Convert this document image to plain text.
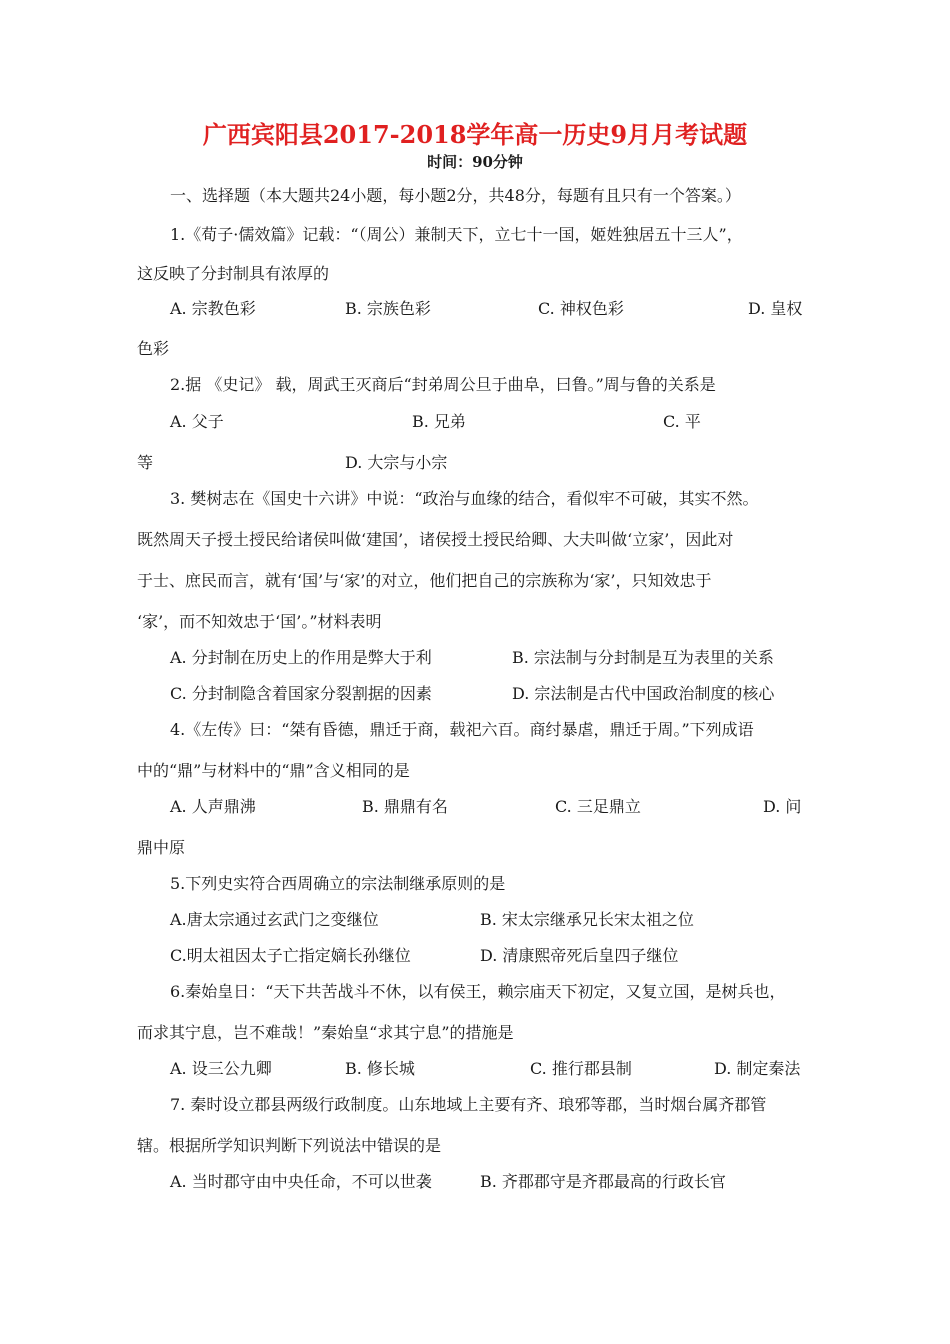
广西宾阳县2017-2018学年高一历史9月月考试题
时间：90分钟
一、选择题（本大题共24小题，每小题2分，共48分，每题有且只有一个答案。）
1.《荀子·儒效篇》记载：“（周公）兼制天下，立七十一国，姬姓独居五十三人”，
这反映了分封制具有浓厚的
A. 宗教色彩	B. 宗族色彩	C. 神权色彩	D. 皇权
色彩
2.据 《史记》 载，周武王灭商后“封弟周公旦于曲阜，曰鲁。”周与鲁的关系是
A. 父子	B. 兄弟	C. 平
等	D. 大宗与小宗
3. 樊树志在《国史十六讲》中说：“政治与血缘的结合，看似牢不可破，其实不然。
既然周天子授土授民给诸侯叫做‘建国’，诸侯授土授民给卿、大夫叫做‘立家’，因此对
于士、庶民而言，就有‘国’与‘家’的对立，他们把自己的宗族称为‘家’，只知效忠于
‘家’，而不知效忠于‘国’。”材料表明
A. 分封制在历史上的作用是弊大于利	B. 宗法制与分封制是互为表里的关系
C. 分封制隐含着国家分裂割据的因素	D. 宗法制是古代中国政治制度的核心
4.《左传》曰：“桀有昏德，鼎迁于商，载祀六百。商纣暴虐，鼎迁于周。”下列成语
中的“鼎”与材料中的“鼎”含义相同的是
A. 人声鼎沸	B. 鼎鼎有名	C. 三足鼎立	D. 问
鼎中原
5.下列史实符合西周确立的宗法制继承原则的是
A.唐太宗通过玄武门之变继位	B. 宋太宗继承兄长宋太祖之位
C.明太祖因太子亡指定嫡长孙继位	D. 清康熙帝死后皇四子继位
6.秦始皇日：“天下共苦战斗不休，以有侯王，赖宗庙天下初定，又复立国，是树兵也，
而求其宁息，岂不难哉！”秦始皇“求其宁息”的措施是
A. 设三公九卿	B. 修长城	C. 推行郡县制	D. 制定秦法
7. 秦时设立郡县两级行政制度。山东地域上主要有齐、琅邪等郡，当时烟台属齐郡管
辖。根据所学知识判断下列说法中错误的是
A. 当时郡守由中央任命，不可以世袭	B. 齐郡郡守是齐郡最高的行政长官
